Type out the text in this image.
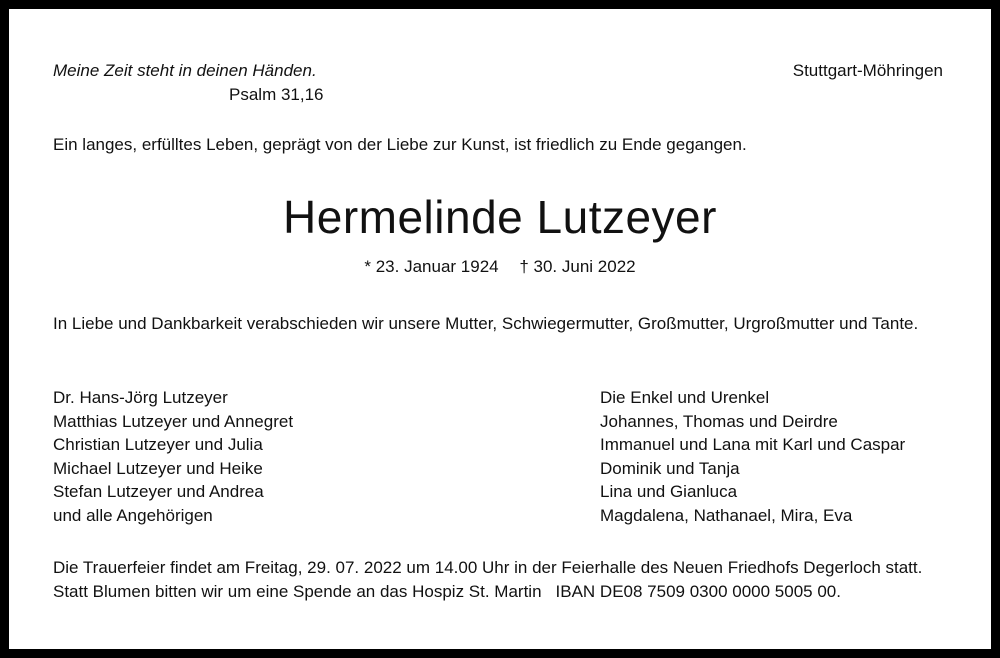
Meine Zeit steht in deinen Händen.
Psalm 31,16
Stuttgart-Möhringen
Ein langes, erfülltes Leben, geprägt von der Liebe zur Kunst, ist friedlich zu Ende gegangen.
Hermelinde Lutzeyer
* 23. Januar 1924 † 30. Juni 2022
In Liebe und Dankbarkeit verabschieden wir unsere Mutter, Schwiegermutter, Großmutter, Urgroßmutter und Tante.
Dr. Hans-Jörg Lutzeyer
Matthias Lutzeyer und Annegret
Christian Lutzeyer und Julia
Michael Lutzeyer und Heike
Stefan Lutzeyer und Andrea
und alle Angehörigen
Die Enkel und Urenkel
Johannes, Thomas und Deirdre
Immanuel und Lana mit Karl und Caspar
Dominik und Tanja
Lina und Gianluca
Magdalena, Nathanael, Mira, Eva
Die Trauerfeier findet am Freitag, 29. 07. 2022 um 14.00 Uhr in der Feierhalle des Neuen Friedhofs Degerloch statt.
Statt Blumen bitten wir um eine Spende an das Hospiz St. Martin IBAN DE08 7509 0300 0000 5005 00.
